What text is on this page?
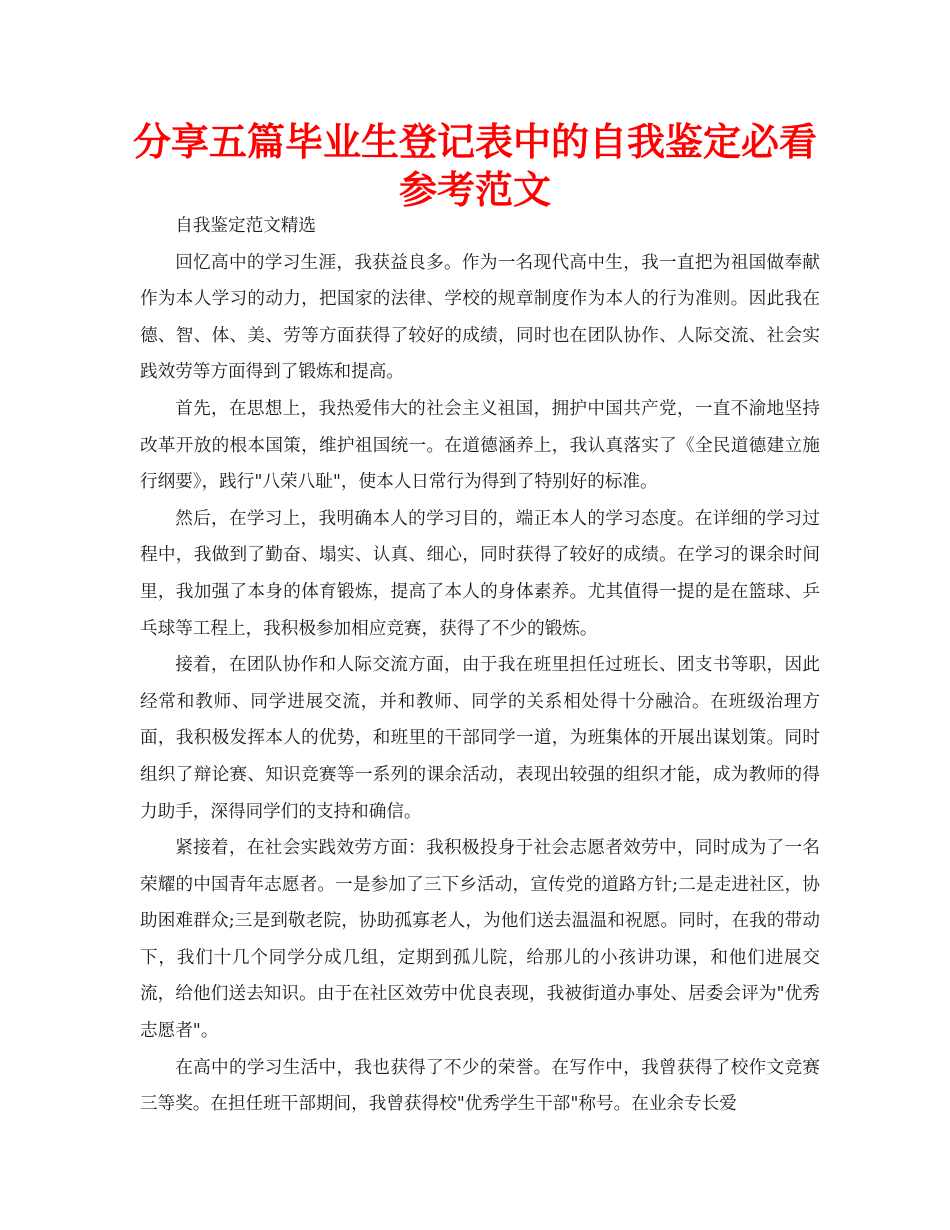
分享五篇毕业生登记表中的自我鉴定必看参考范文

自我鉴定范文精选

回忆高中的学习生涯，我获益良多。作为一名现代高中生，我一直把为祖国做奉献作为本人学习的动力，把国家的法律、学校的规章制度作为本人的行为准则。因此我在德、智、体、美、劳等方面获得了较好的成绩，同时也在团队协作、人际交流、社会实践效劳等方面得到了锻炼和提高。

首先，在思想上，我热爱伟大的社会主义祖国，拥护中国共产党，一直不渝地坚持改革开放的根本国策，维护祖国统一。在道德涵养上，我认真落实了《全民道德建立施行纲要》，践行"八荣八耻"，使本人日常行为得到了特别好的标准。

然后，在学习上，我明确本人的学习目的，端正本人的学习态度。在详细的学习过程中，我做到了勤奋、塌实、认真、细心，同时获得了较好的成绩。在学习的课余时间里，我加强了本身的体育锻炼，提高了本人的身体素养。尤其值得一提的是在篮球、乒乓球等工程上，我积极参加相应竞赛，获得了不少的锻炼。

接着，在团队协作和人际交流方面，由于我在班里担任过班长、团支书等职，因此经常和教师、同学进展交流，并和教师、同学的关系相处得十分融洽。在班级治理方面，我积极发挥本人的优势，和班里的干部同学一道，为班集体的开展出谋划策。同时组织了辩论赛、知识竞赛等一系列的课余活动，表现出较强的组织才能，成为教师的得力助手，深得同学们的支持和确信。

紧接着，在社会实践效劳方面：我积极投身于社会志愿者效劳中，同时成为了一名荣耀的中国青年志愿者。一是参加了三下乡活动，宣传党的道路方针;二是走进社区，协助困难群众;三是到敬老院，协助孤寡老人，为他们送去温温和祝愿。同时，在我的带动下，我们十几个同学分成几组，定期到孤儿院，给那儿的小孩讲功课，和他们进展交流，给他们送去知识。由于在社区效劳中优良表现，我被街道办事处、居委会评为"优秀志愿者"。

在高中的学习生活中，我也获得了不少的荣誉。在写作中，我曾获得了校作文竞赛三等奖。在担任班干部期间，我曾获得校"优秀学生干部"称号。在业余专长爱
